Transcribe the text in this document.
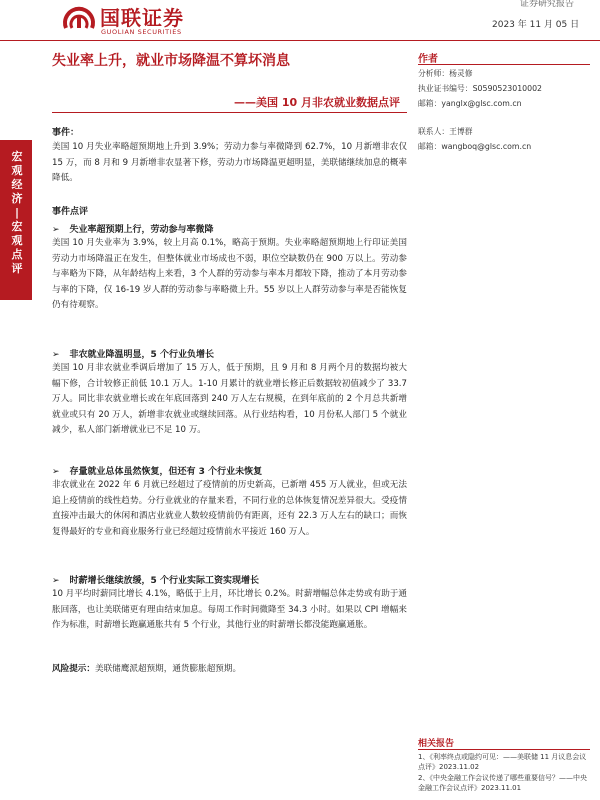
宏观经济 | 宏观点评
国联证券
GUOLIAN SECURITIES
证券研究报告
2023 年 11 月 05 日
失业率上升，就业市场降温不算坏消息
——美国 10 月非农就业数据点评
事件：

美国 10 月失业率略超预期地上升到 3.9%；劳动力参与率微降到 62.7%，10 月新增非农仅 15 万，而 8 月和 9 月新增非农显著下修，劳动力市场降温更超明显，美联储继续加息的概率降低。

事件点评
➢ 失业率超预期上行，劳动参与率微降

美国 10 月失业率为 3.9%，较上月高 0.1%，略高于预期。失业率略超预期地上行印证美国劳动力市场降温正在发生，但整体就业市场成也不弱，职位空缺数仍在 900 万以上。劳动参与率略为下降，从年龄结构上来看，3 个人群的劳动参与率本月都较下降，推动了本月劳动参与率的下降，仅 16-19 岁人群的劳动参与率略微上升。55 岁以上人群劳动参与率是否能恢复仍有待观察。

➢ 非农就业降温明显，5 个行业负增长

美国 10 月非农就业季调后增加了 15 万人，低于预期，且 9 月和 8 月两个月的数据均被大幅下修，合计较修正前低 10.1 万人。1-10 月累计的就业增长修正后数据较初值减少了 33.7 万人。同比非农就业增长或在年底回落到 240 万人左右规模，在到年底前的 2 个月总共新增就业或只有 20 万人，新增非农就业或继续回落。从行业结构看，10 月份私人部门 5 个就业减少，私人部门新增就业已不足 10 万。

➢ 存量就业总体虽然恢复，但还有 3 个行业未恢复

非农就业在 2022 年 6 月就已经超过了疫情前的历史新高，已新增 455 万人就业，但或无法追上疫情前的线性趋势。分行业就业的存量来看，不同行业的总体恢复情况差异很大。受疫情直接冲击最大的休闲和酒店业就业人数较疫情前仍有距离，还有 22.3 万人左右的缺口；而恢复得最好的专业和商业服务行业已经超过疫情前水平接近 160 万人。

➢ 时薪增长继续放缓，5 个行业实际工资实现增长

10 月平均时薪同比增长 4.1%，略低于上月，环比增长 0.2%。时薪增幅总体走势或有助于通胀回落，也让美联储更有理由结束加息。每周工作时间微降至 34.3 小时。如果以 CPI 增幅来作为标准，时薪增长跑赢通胀共有 5 个行业，其他行业的时薪增长都没能跑赢通胀。

风险提示：美联储鹰派超预期，通货膨胀超预期。
作者
分析师：杨灵修
执业证书编号：S0590523010002
邮箱：yanglx@glsc.com.cn
联系人：王博群
邮箱：wangboq@glsc.com.cn
相关报告
1、《利率终点或隐约可见：——美联储 11 月议息会议点评》2023.11.02
2、《中央金融工作会议传递了哪些重要信号？——中央金融工作会议点评》2023.11.01
